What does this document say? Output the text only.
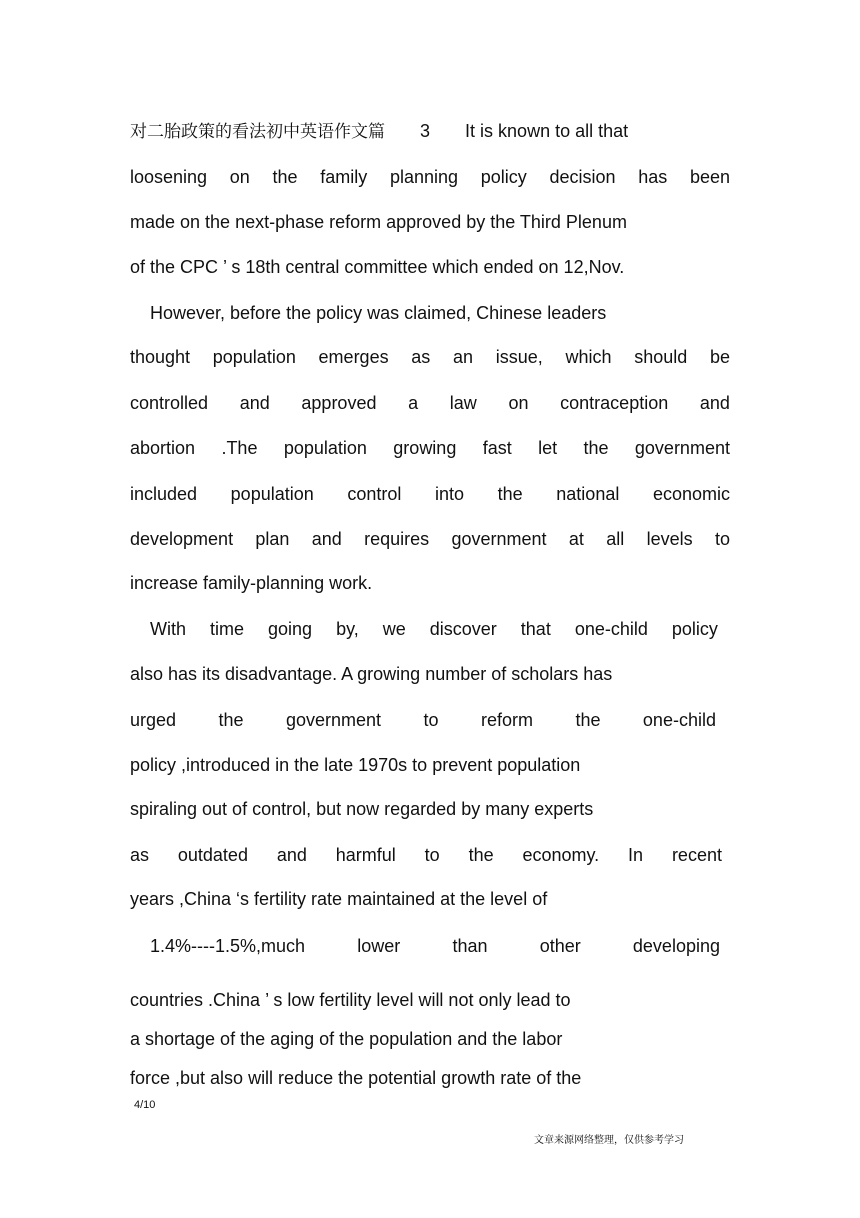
对二胎政策的看法初中英语作文篇 3 It is known to all that
loosening on the family planning policy decision has been
made on the next-phase reform approved by the Third Plenum
of the CPC ’ s 18th central committee which ended on 12,Nov.
However, before the policy was claimed, Chinese leaders
thought population emerges as an issue, which should be
controlled and approved a law on contraception and
abortion .The population growing fast let the government
included population control into the national economic
development plan and requires government at all levels to
increase family-planning work.
With time going by, we discover that one-child policy
also has its disadvantage. A growing number of scholars has
urged the government to reform the one-child
policy ,introduced in the late 1970s to prevent population
spiraling out of control, but now regarded by many experts
as outdated and harmful to the economy. In recent
years ,China ‘s fertility rate maintained at the level of
1.4%----1.5%,much	lower	than	other	developing
countries .China ’ s low fertility level will not only lead to
a shortage of the aging of the population and the labor
force ,but also will reduce the potential growth rate of the
4/10
文章来源网络整理，仅供参考学习
